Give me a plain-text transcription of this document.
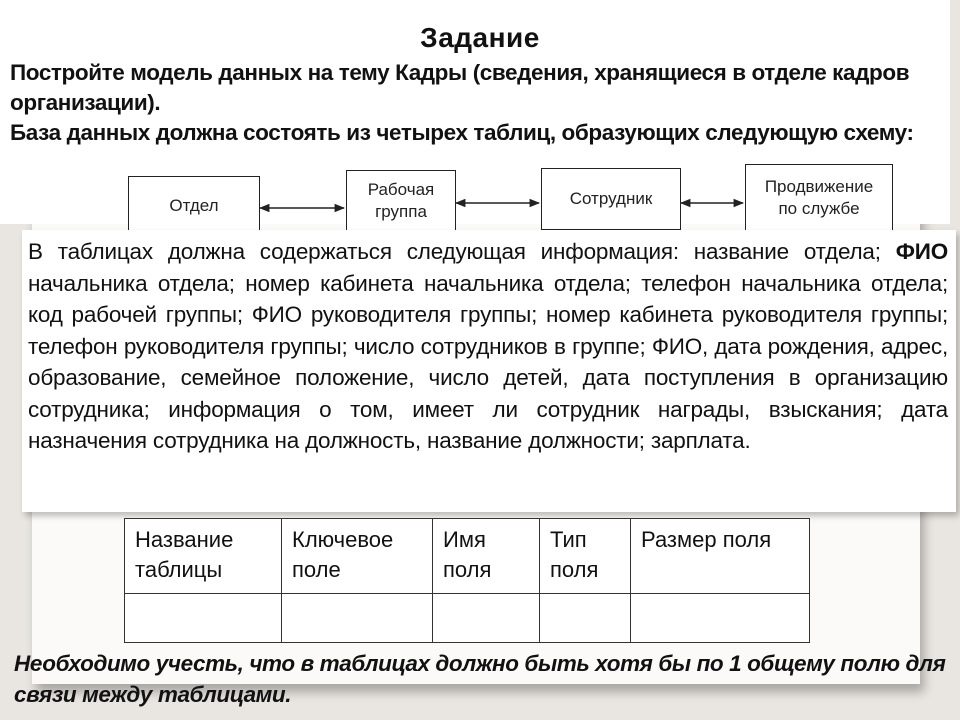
Задание

Постройте модель данных на тему Кадры (сведения, хранящиеся в отделе кадров организации).

База данных должна состоять из четырех таблиц, образующих следующую схему:

Отдел
Рабочая группа
Сотрудник
Продвижение по службе
В таблицах должна содержаться следующая информация: название отдела; ФИО начальника отдела; номер кабинета начальника отдела; телефон начальника отдела; код рабочей группы; ФИО руководителя группы; номер кабинета руководителя группы; телефон руководителя группы; число сотрудников в группе; ФИО, дата рождения, адрес, образование, семейное положение, число детей, дата поступления в организацию сотрудника; информация о том, имеет ли сотрудник награды, взыскания; дата назначения сотрудника на должность, название должности; зарплата.
Название таблицы	Ключевое поле	Имя поля	Тип поля	Размер поля

Необходимо учесть, что в таблицах должно быть хотя бы по 1 общему полю для связи между таблицами.
